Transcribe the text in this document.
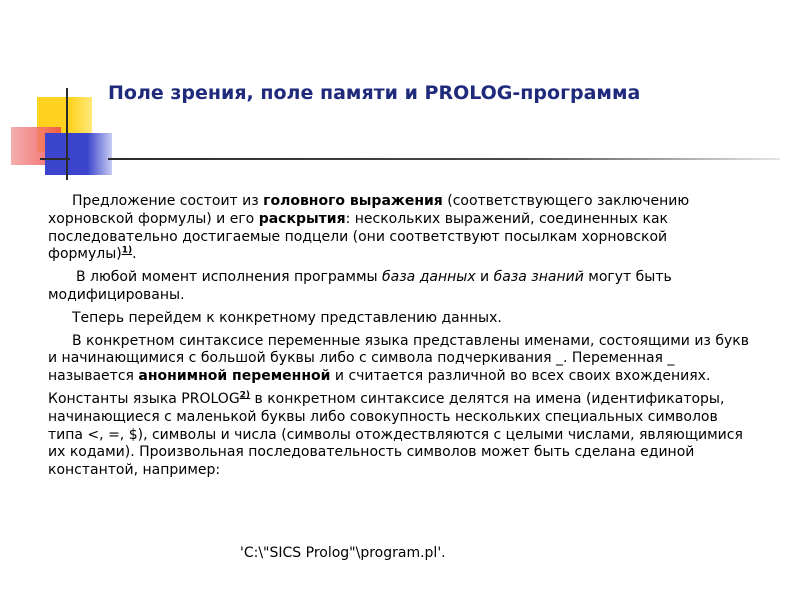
Поле зрения, поле памяти и PROLOG-программа

Предложение состоит из головного выражения (соответствующего заключению хорновской формулы) и его раскрытия: нескольких выражений, соединенных как последовательно достигаемые подцели (они соответствуют посылкам хорновской формулы)$^{1)}$.

В любой момент исполнения программы база данных и база знаний могут быть модифицированы.

Теперь перейдем к конкретному представлению данных.

В конкретном синтаксисе переменные языка представлены именами, состоящими из букв и начинающимися с большой буквы либо с символа подчеркивания _. Переменная _ называется анонимной переменной и считается различной во всех своих вхождениях.

Константы языка PROLOG$^{2)}$ в конкретном синтаксисе делятся на имена (идентификаторы, начинающиеся с маленькой буквы либо совокупность нескольких специальных символов типа <, =, $), символы и числа (символы отождествляются с целыми числами, являющимися их кодами). Произвольная последовательность символов может быть сделана единой константой, например:

'C:\"SICS Prolog"\program.pl'.
